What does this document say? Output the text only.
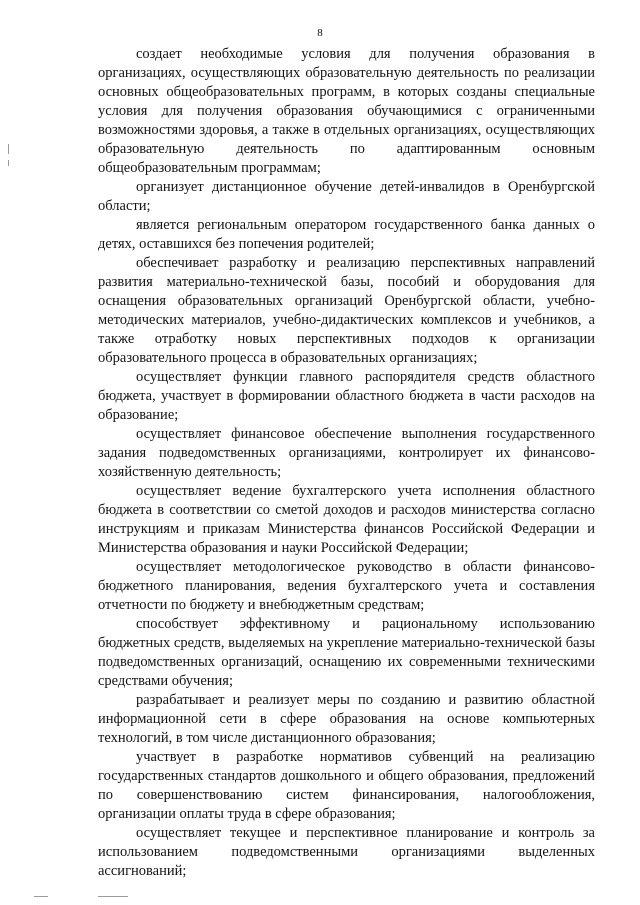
8

создает необходимые условия для получения образования в организациях, осуществляющих образовательную деятельность по реализации основных общеобразовательных программ, в которых созданы специальные условия для получения образования обучающимися с ограниченными возможностями здоровья, а также в отдельных организациях, осуществляющих образовательную деятельность по адаптированным основным общеобразовательным программам;

организует дистанционное обучение детей-инвалидов в Оренбургской области;

является региональным оператором государственного банка данных о детях, оставшихся без попечения родителей;

обеспечивает разработку и реализацию перспективных направлений развития материально-технической базы, пособий и оборудования для оснащения образовательных организаций Оренбургской области, учебно-методических материалов, учебно-дидактических комплексов и учебников, а также отработку новых перспективных подходов к организации образовательного процесса в образовательных организациях;

осуществляет функции главного распорядителя средств областного бюджета, участвует в формировании областного бюджета в части расходов на образование;

осуществляет финансовое обеспечение выполнения государственного задания подведомственных организациями, контролирует их финансово-хозяйственную деятельность;

осуществляет ведение бухгалтерского учета исполнения областного бюджета в соответствии со сметой доходов и расходов министерства согласно инструкциям и приказам Министерства финансов Российской Федерации и Министерства образования и науки Российской Федерации;

осуществляет методологическое руководство в области финансово-бюджетного планирования, ведения бухгалтерского учета и составления отчетности по бюджету и внебюджетным средствам;

способствует эффективному и рациональному использованию бюджетных средств, выделяемых на укрепление материально-технической базы подведомственных организаций, оснащению их современными техническими средствами обучения;

разрабатывает и реализует меры по созданию и развитию областной информационной сети в сфере образования на основе компьютерных технологий, в том числе дистанционного образования;

участвует в разработке нормативов субвенций на реализацию государственных стандартов дошкольного и общего образования, предложений по совершенствованию систем финансирования, налогообложения, организации оплаты труда в сфере образования;

осуществляет текущее и перспективное планирование и контроль за использованием подведомственными организациями выделенных ассигнований;
